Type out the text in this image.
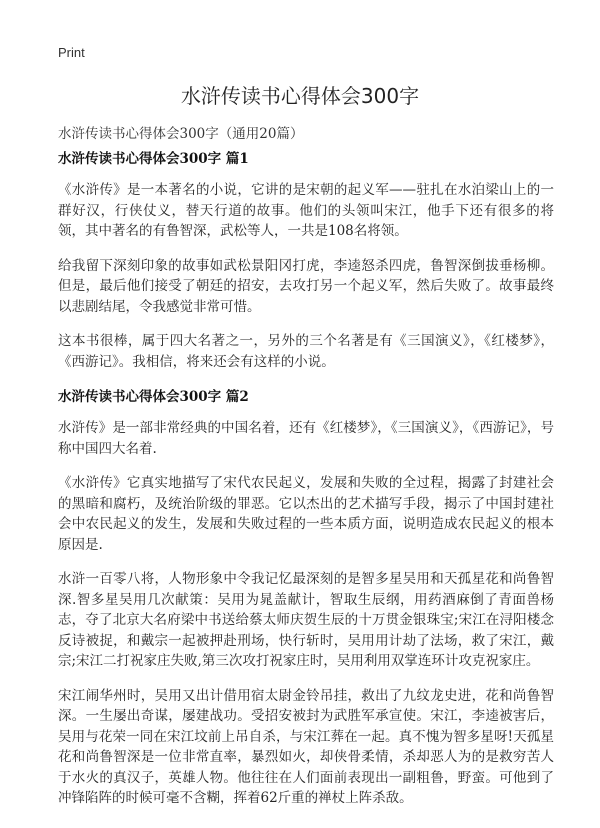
Print
水浒传读书心得体会300字
水浒传读书心得体会300字（通用20篇）
水浒传读书心得体会300字 篇1

《水浒传》是一本著名的小说，它讲的是宋朝的起义军——驻扎在水泊梁山上的一群好汉，行侠仗义，替天行道的故事。他们的头领叫宋江，他手下还有很多的将领，其中著名的有鲁智深，武松等人，一共是108名将领。

给我留下深刻印象的故事如武松景阳冈打虎，李逵怒杀四虎，鲁智深倒拔垂杨柳。但是，最后他们接受了朝廷的招安，去攻打另一个起义军，然后失败了。故事最终以悲剧结尾，令我感觉非常可惜。

这本书很棒，属于四大名著之一，另外的三个名著是有《三国演义》，《红楼梦》，《西游记》。我相信，将来还会有这样的小说。

水浒传读书心得体会300字 篇2

水浒传》是一部非常经典的中国名着，还有《红楼梦》，《三国演义》，《西游记》，号称中国四大名着.

《水浒传》它真实地描写了宋代农民起义，发展和失败的全过程，揭露了封建社会的黑暗和腐朽，及统治阶级的罪恶。它以杰出的艺术描写手段，揭示了中国封建社会中农民起义的发生，发展和失败过程的一些本质方面，说明造成农民起义的根本原因是.

水浒一百零八将，人物形象中令我记忆最深刻的是智多星吴用和天孤星花和尚鲁智深.智多星吴用几次献策：吴用为晁盖献计，智取生辰纲，用药酒麻倒了青面兽杨志，夺了北京大名府梁中书送给蔡太师庆贺生辰的十万贯金银珠宝;宋江在浔阳楼念反诗被捉，和戴宗一起被押赴刑场，快行斩时，吴用用计劫了法场，救了宋江，戴宗;宋江二打祝家庄失败,第三次攻打祝家庄时，吴用利用双掌连环计攻克祝家庄。

宋江闹华州时，吴用又出计借用宿太尉金铃吊挂，救出了九纹龙史进，花和尚鲁智深。一生屡出奇谋，屡建战功。受招安被封为武胜军承宣使。宋江，李逵被害后，吴用与花荣一同在宋江坟前上吊自杀，与宋江葬在一起。真不愧为智多星呀!天孤星花和尚鲁智深是一位非常直率，暴烈如火，却侠骨柔情，杀却恶人为的是救穷苦人于水火的真汉子，英雄人物。他往往在人们面前表现出一副粗鲁，野蛮。可他到了冲锋陷阵的时候可毫不含糊，挥着62斤重的禅杖上阵杀敌。
